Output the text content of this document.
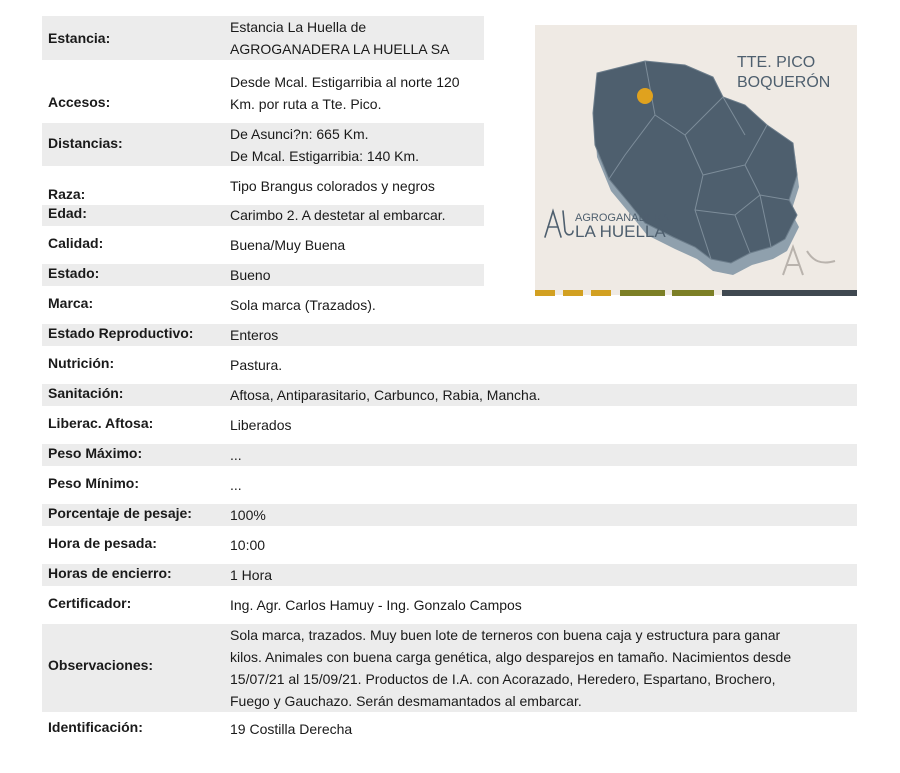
Estancia:
Estancia La Huella de
AGROGANADERA LA HUELLA SA
Accesos:
Desde Mcal. Estigarribia al norte 120
Km. por ruta a Tte. Pico.
Distancias:
De Asunci?n: 665 Km.
De Mcal. Estigarribia: 140 Km.
Raza:	Tipo Brangus colorados y negros
Edad:	Carimbo 2. A destetar al embarcar.
Calidad:	Buena/Muy Buena
Estado:	Bueno
Marca:	Sola marca (Trazados).
Estado Reproductivo:	Enteros
Nutrición:	Pastura.
Sanitación:	Aftosa, Antiparasitario, Carbunco, Rabia, Mancha.
Liberac. Aftosa:	Liberados
Peso Máximo:	...
Peso Mínimo:	...
Porcentaje de pesaje:	100%
Hora de pesada:	10:00
Horas de encierro:	1 Hora
Certificador:	Ing. Agr. Carlos Hamuy - Ing. Gonzalo Campos
Observaciones:
Sola marca, trazados. Muy buen lote de terneros con buena caja y estructura para ganar
kilos. Animales con buena carga genética, algo desparejos en tamaño. Nacimientos desde
15/07/21 al 15/09/21. Productos de I.A. con Acorazado, Heredero, Espartano, Brochero,
Fuego y Gauchazo. Serán desmamantados al embarcar.
Identificación:	19 Costilla Derecha
TTE. PICO
BOQUERÓN
AGROGANADERA
LA HUELLA
